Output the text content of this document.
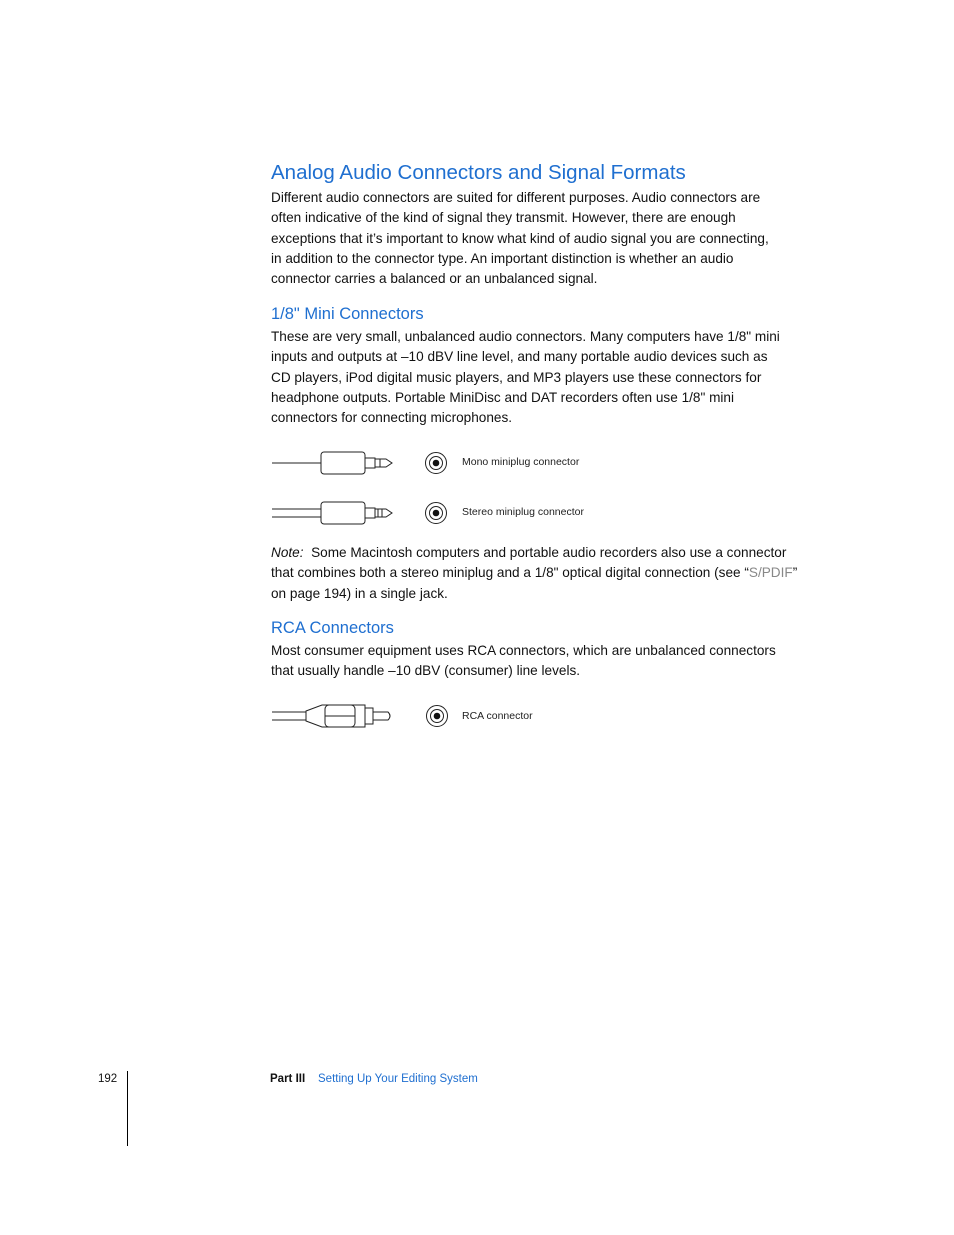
Analog Audio Connectors and Signal Formats
Different audio connectors are suited for different purposes. Audio connectors are
often indicative of the kind of signal they transmit. However, there are enough
exceptions that it’s important to know what kind of audio signal you are connecting,
in addition to the connector type. An important distinction is whether an audio
connector carries a balanced or an unbalanced signal.
1/8" Mini Connectors
These are very small, unbalanced audio connectors. Many computers have 1/8" mini
inputs and outputs at –10 dBV line level, and many portable audio devices such as
CD players, iPod digital music players, and MP3 players use these connectors for
headphone outputs. Portable MiniDisc and DAT recorders often use 1/8" mini
connectors for connecting microphones.
Mono miniplug connector
Stereo miniplug connector
Note: Some Macintosh computers and portable audio recorders also use a connector
that combines both a stereo miniplug and a 1/8" optical digital connection (see “S/PDIF”
on page 194) in a single jack.
RCA Connectors
Most consumer equipment uses RCA connectors, which are unbalanced connectors
that usually handle –10 dBV (consumer) line levels.
RCA connector
192	Part III Setting Up Your Editing System
